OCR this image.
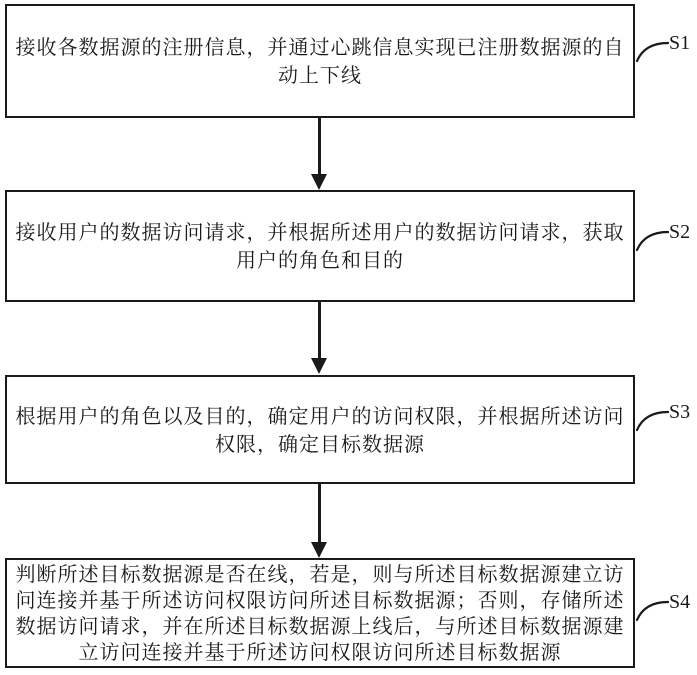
接收各数据源的注册信息，并通过心跳信息实现已注册数据源的自
动上下线
接收用户的数据访问请求，并根据所述用户的数据访问请求，获取
用户的角色和目的
根据用户的角色以及目的，确定用户的访问权限，并根据所述访问
权限，确定目标数据源
判断所述目标数据源是否在线，若是，则与所述目标数据源建立访
问连接并基于所述访问权限访问所述目标数据源；否则，存储所述
数据访问请求，并在所述目标数据源上线后，与所述目标数据源建
立访问连接并基于所述访问权限访问所述目标数据源
S1
S2
S3
S4
